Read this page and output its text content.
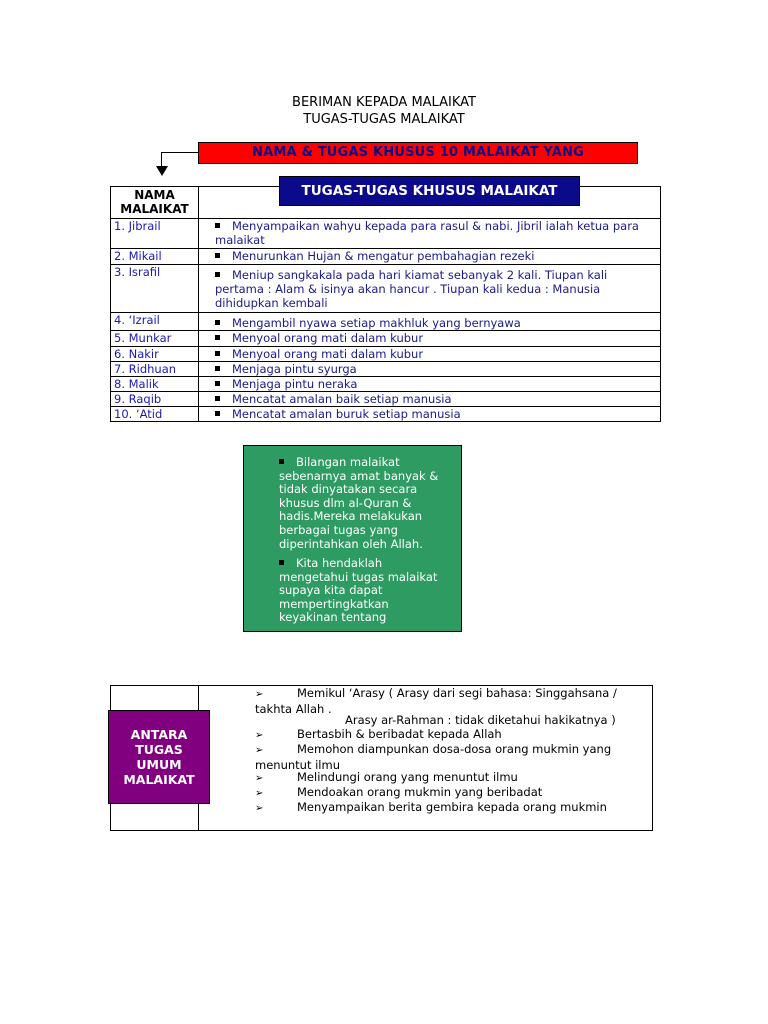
BERIMAN KEPADA MALAIKAT
TUGAS-TUGAS MALAIKAT
NAMA & TUGAS KHUSUS 10 MALAIKAT YANG
TUGAS-TUGAS KHUSUS MALAIKAT
NAMA
MALAIKAT	

1. Jibrail	Menyampaikan wahyu kepada para rasul & nabi. Jibril ialah ketua para malaikat
2. Mikail	Menurunkan Hujan & mengatur pembahagian rezeki
3. Israfil	Meniup sangkakala pada hari kiamat sebanyak 2 kali. Tiupan kali pertama : Alam & isinya akan hancur . Tiupan kali kedua : Manusia dihidupkan kembali
4. ‘Izrail	Mengambil nyawa setiap makhluk yang bernyawa
5. Munkar	Menyoal orang mati dalam kubur
6. Nakir	Menyoal orang mati dalam kubur
7. Ridhuan	Menjaga pintu syurga
8. Malik	Menjaga pintu neraka
9. Raqib	Mencatat amalan baik setiap manusia
10. ‘Atid	Mencatat amalan buruk setiap manusia
Bilangan malaikat sebenarnya amat banyak & tidak dinyatakan secara khusus dlm al-Quran & hadis.Mereka melakukan berbagai tugas yang diperintahkan oleh Allah.
Kita hendaklah mengetahui tugas malaikat supaya kita dapat mempertingkatkan keyakinan tentang
ANTARA
TUGAS
UMUM
MALAIKAT
➢	Memikul ‘Arasy ( Arasy dari segi bahasa: Singgahsana / takhta Allah .
Arasy ar-Rahman : tidak diketahui hakikatnya )
➢	Bertasbih & beribadat kepada Allah
➢	Memohon diampunkan dosa-dosa orang mukmin yang menuntut ilmu
➢	Melindungi orang yang menuntut ilmu
➢	Mendoakan orang mukmin yang beribadat
➢	Menyampaikan berita gembira kepada orang mukmin
